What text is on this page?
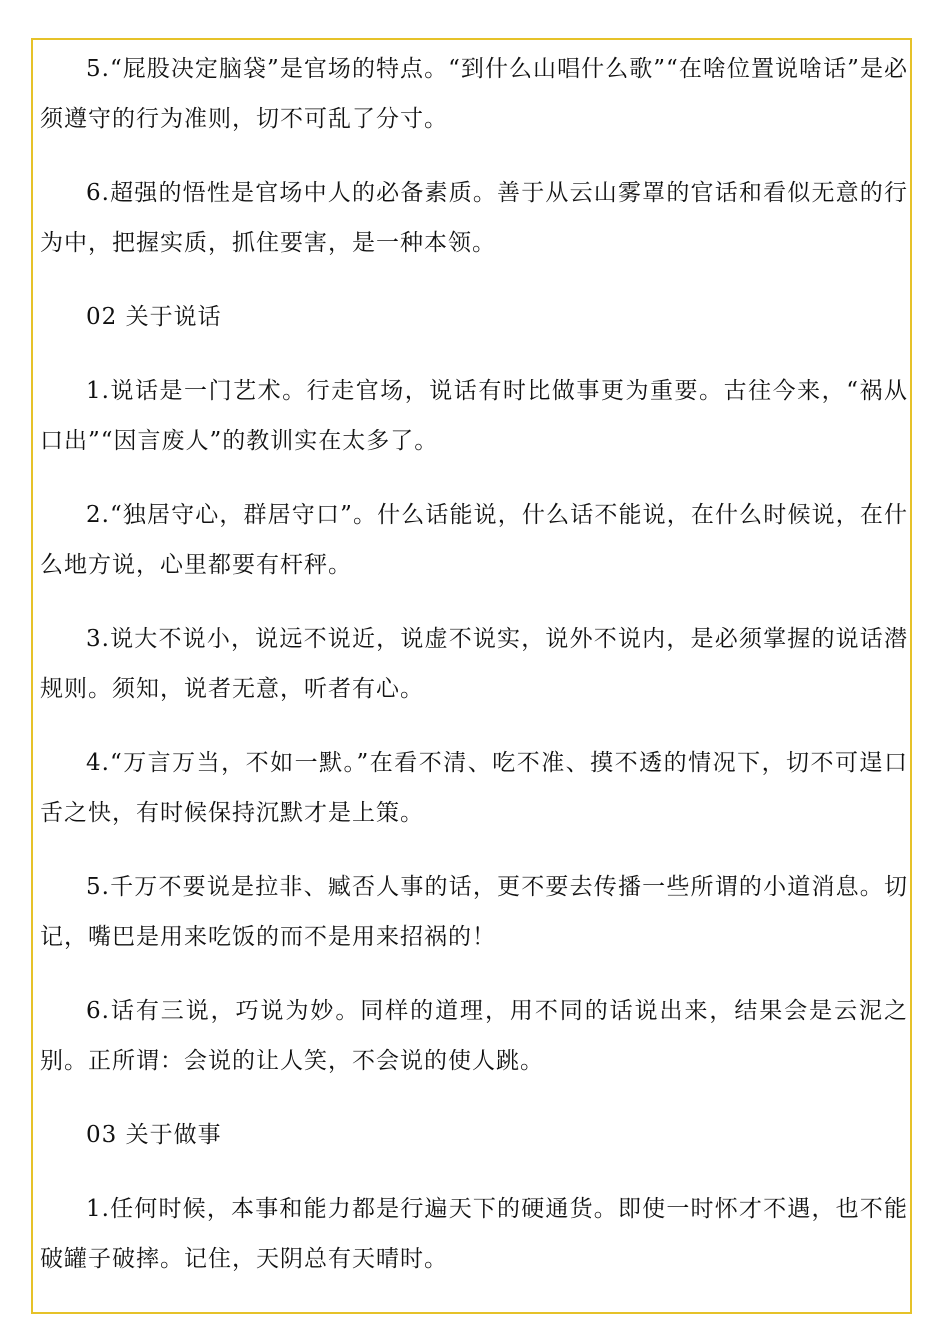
5.“屁股决定脑袋”是官场的特点。“到什么山唱什么歌”“在啥位置说啥话”是必须遵守的行为准则，切不可乱了分寸。

6.超强的悟性是官场中人的必备素质。善于从云山雾罩的官话和看似无意的行为中，把握实质，抓住要害，是一种本领。

02 关于说话

1.说话是一门艺术。行走官场，说话有时比做事更为重要。古往今来，“祸从口出”“因言废人”的教训实在太多了。

2.“独居守心，群居守口”。什么话能说，什么话不能说，在什么时候说，在什么地方说，心里都要有杆秤。

3.说大不说小，说远不说近，说虚不说实，说外不说内，是必须掌握的说话潜规则。须知，说者无意，听者有心。

4.“万言万当，不如一默。”在看不清、吃不准、摸不透的情况下，切不可逞口舌之快，有时候保持沉默才是上策。

5.千万不要说是拉非、臧否人事的话，更不要去传播一些所谓的小道消息。切记，嘴巴是用来吃饭的而不是用来招祸的！

6.话有三说，巧说为妙。同样的道理，用不同的话说出来，结果会是云泥之别。正所谓：会说的让人笑，不会说的使人跳。

03 关于做事

1.任何时候，本事和能力都是行遍天下的硬通货。即使一时怀才不遇，也不能破罐子破摔。记住，天阴总有天晴时。
